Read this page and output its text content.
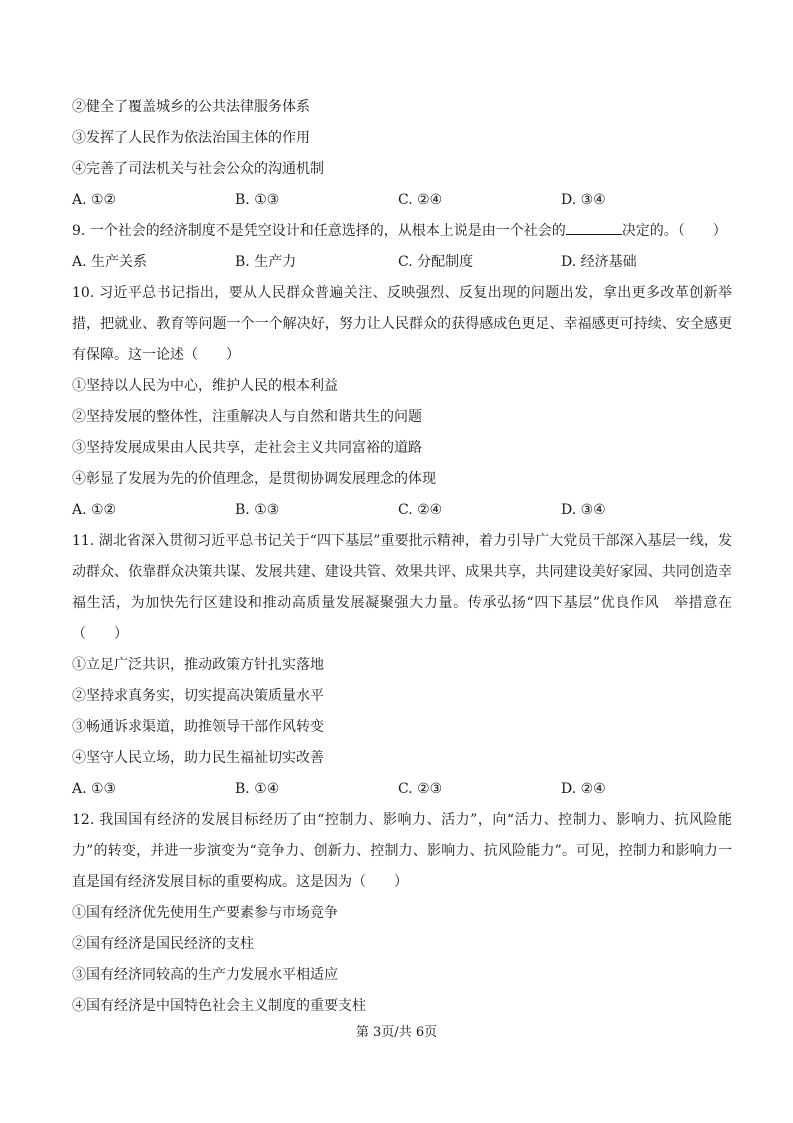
②健全了覆盖城乡的公共法律服务体系
③发挥了人民作为依法治国主体的作用
④完善了司法机关与社会公众的沟通机制
A. ①②	B. ①③	C. ②④	D. ③④
9. 一个社会的经济制度不是凭空设计和任意选择的，从根本上说是由一个社会的	决定的。（　　）
A. 生产关系	B. 生产力	C. 分配制度	D. 经济基础
10. 习近平总书记指出，要从人民群众普遍关注、反映强烈、反复出现的问题出发，拿出更多改革创新举措，把就业、教育等问题一个一个解决好，努力让人民群众的获得感成色更足、幸福感更可持续、安全感更有保障。这一论述（　　）
①坚持以人民为中心，维护人民的根本利益
②坚持发展的整体性，注重解决人与自然和谐共生的问题
③坚持发展成果由人民共享，走社会主义共同富裕的道路
④彰显了发展为先的价值理念，是贯彻协调发展理念的体现
A. ①②	B. ①③	C. ②④	D. ③④
11. 湖北省深入贯彻习近平总书记关于“四下基层”重要批示精神，着力引导广大党员干部深入基层一线，发动群众、依靠群众决策共谋、发展共建、建设共管、效果共评、成果共享，共同建设美好家园、共同创造幸福生活，为加快先行区建设和推动高质量发展凝聚强大力量。传承弘扬“四下基层”优良作风　举措意在（　　）
①立足广泛共识，推动政策方针扎实落地
②坚持求真务实，切实提高决策质量水平
③畅通诉求渠道，助推领导干部作风转变
④坚守人民立场，助力民生福祉切实改善
A. ①③	B. ①④	C. ②③	D. ②④
12. 我国国有经济的发展目标经历了由“控制力、影响力、活力”，向“活力、控制力、影响力、抗风险能力”的转变，并进一步演变为“竞争力、创新力、控制力、影响力、抗风险能力”。可见，控制力和影响力一直是国有经济发展目标的重要构成。这是因为（　　）
①国有经济优先使用生产要素参与市场竞争
②国有经济是国民经济的支柱
③国有经济同较高的生产力发展水平相适应
④国有经济是中国特色社会主义制度的重要支柱
第 3页/共 6页
